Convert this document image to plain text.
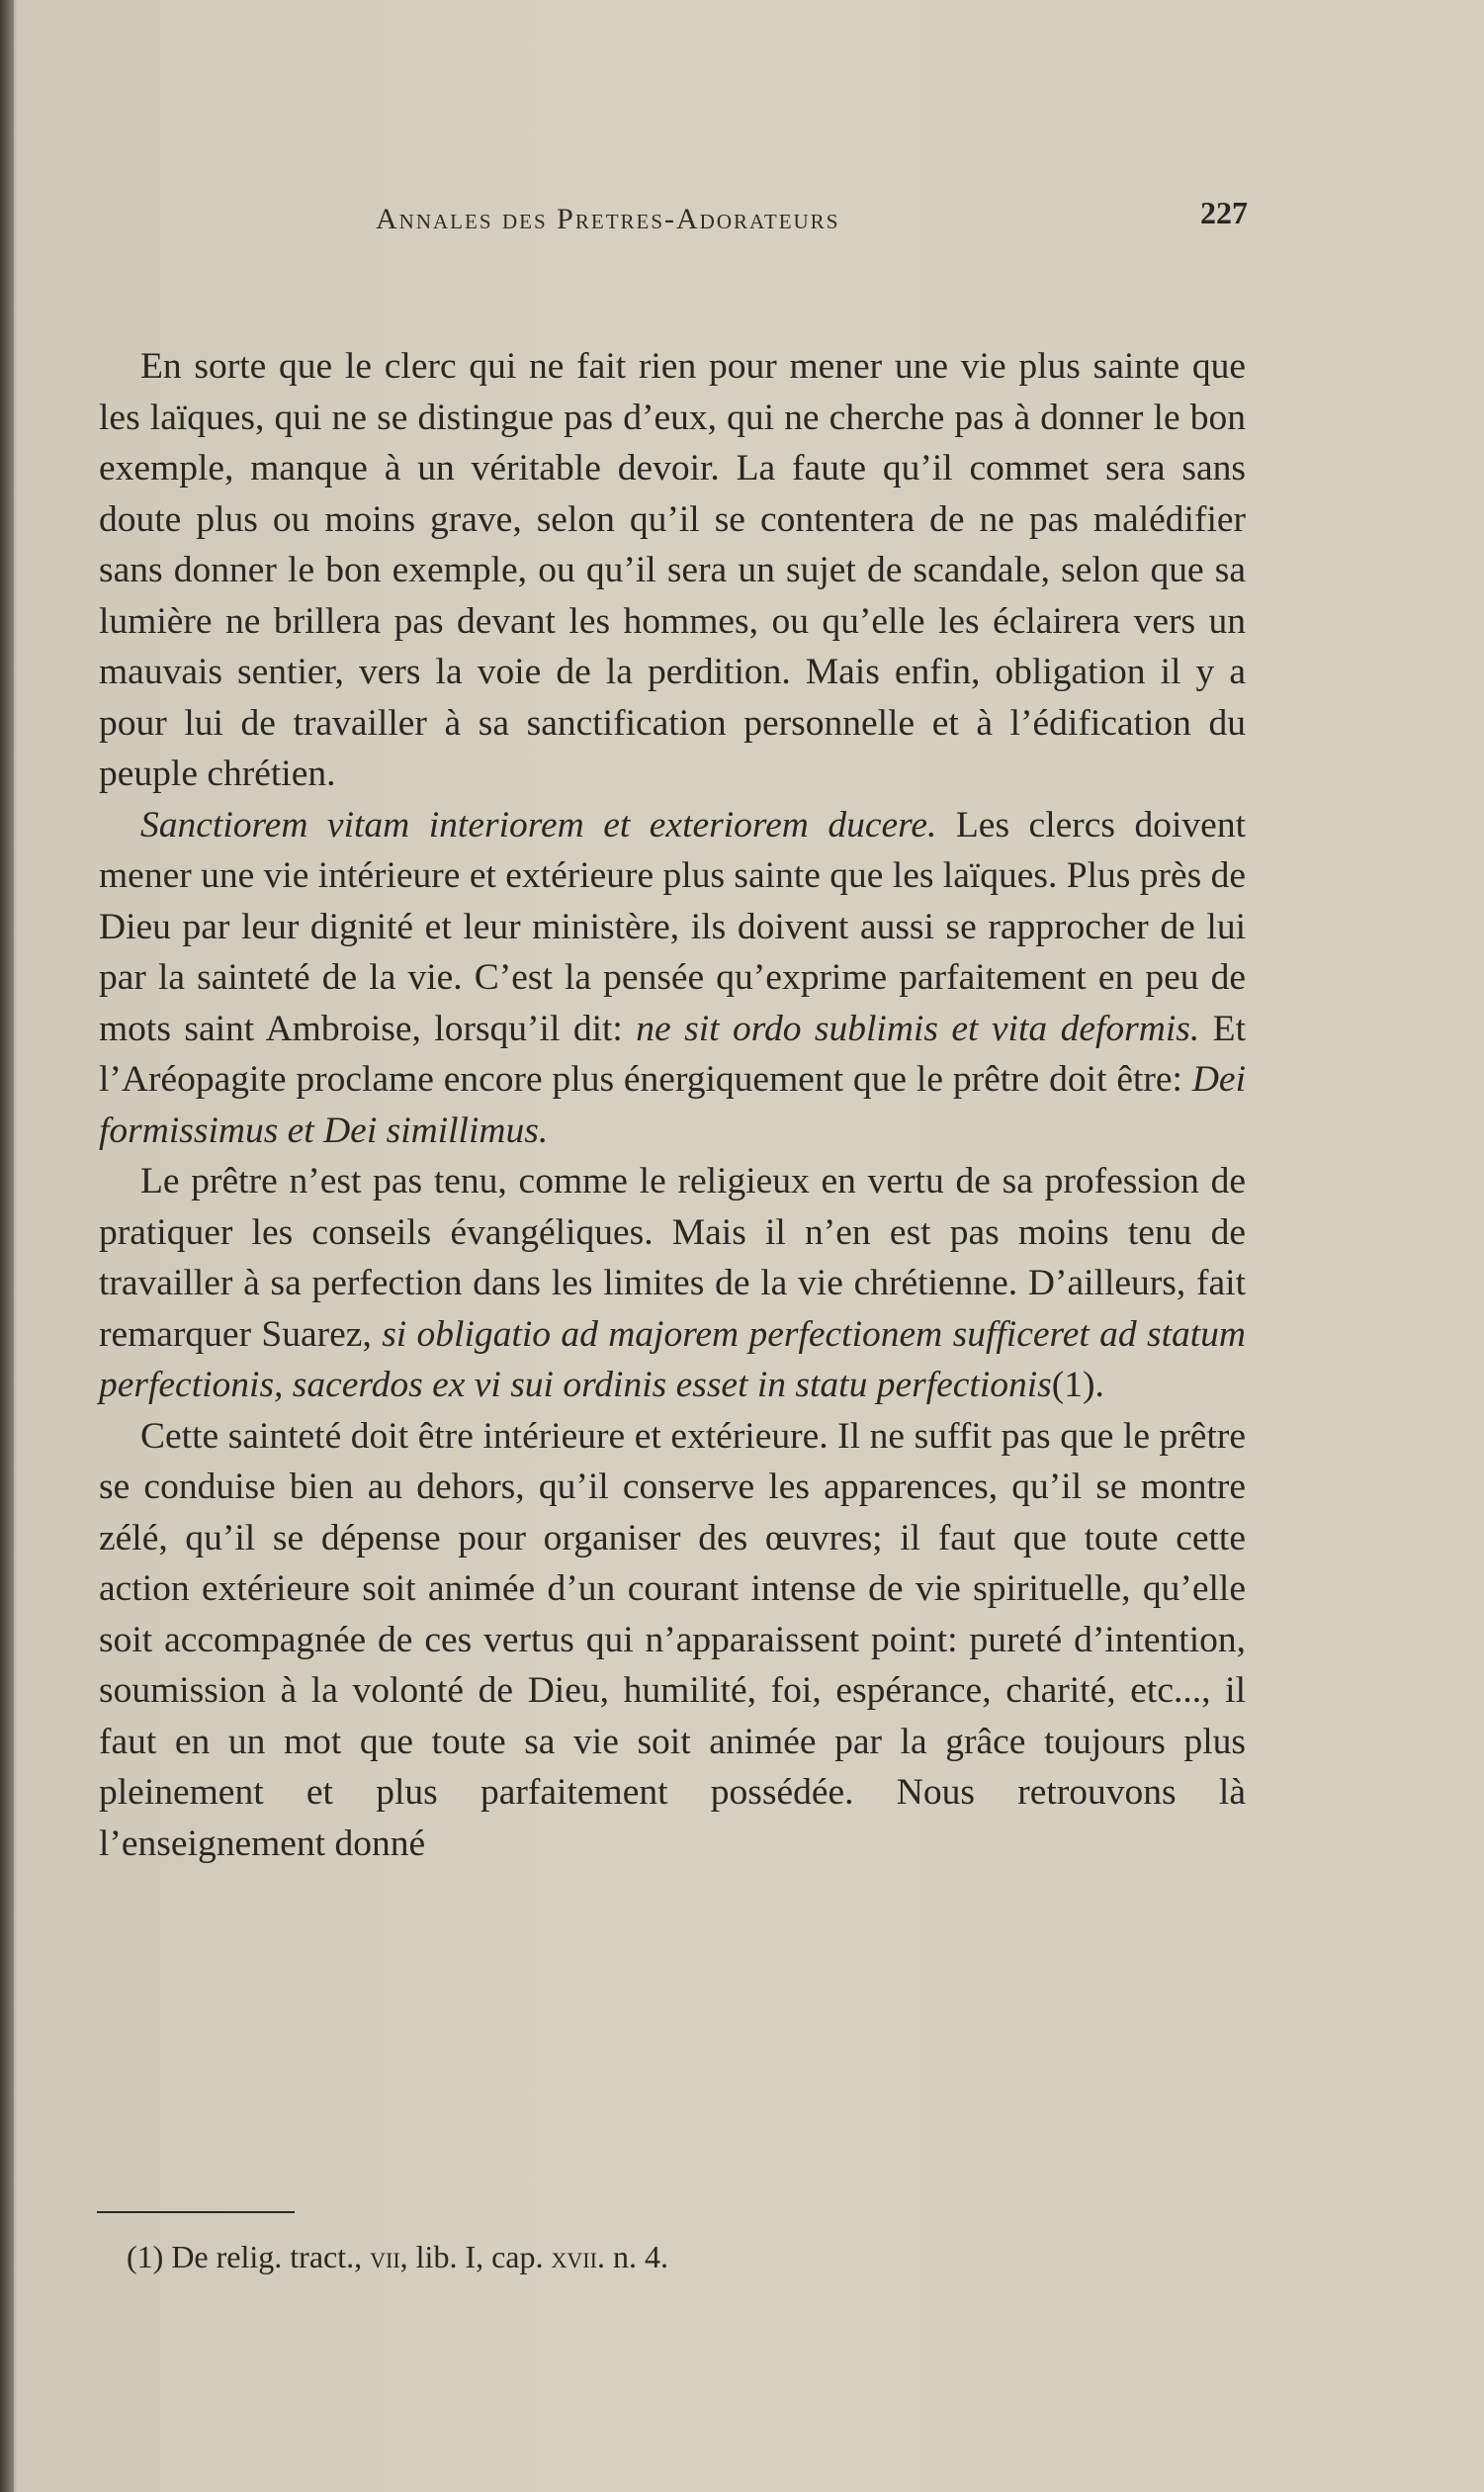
Annales des Pretres-Adorateurs	227

En sorte que le clerc qui ne fait rien pour mener une vie plus sainte que les laïques, qui ne se distingue pas d’eux, qui ne cherche pas à donner le bon exemple, manque à un véritable devoir. La faute qu’il commet sera sans doute plus ou moins grave, selon qu’il se contentera de ne pas malédifier sans donner le bon exemple, ou qu’il sera un sujet de scandale, selon que sa lumière ne brillera pas devant les hommes, ou qu’elle les éclairera vers un mauvais sentier, vers la voie de la perdition. Mais enfin, obligation il y a pour lui de travailler à sa sanctification personnelle et à l’édification du peuple chrétien.

Sanctiorem vitam interiorem et exteriorem ducere. Les clercs doivent mener une vie intérieure et extérieure plus sainte que les laïques. Plus près de Dieu par leur dignité et leur ministère, ils doivent aussi se rapprocher de lui par la sainteté de la vie. C’est la pensée qu’exprime parfaitement en peu de mots saint Ambroise, lorsqu’il dit: ne sit ordo sublimis et vita deformis. Et l’Aréopagite proclame encore plus énergiquement que le prêtre doit être: Dei formissimus et Dei simillimus.

Le prêtre n’est pas tenu, comme le religieux en vertu de sa profession de pratiquer les conseils évangéliques. Mais il n’en est pas moins tenu de travailler à sa perfection dans les limites de la vie chrétienne. D’ailleurs, fait remarquer Suarez, si obligatio ad majorem perfectionem sufficeret ad statum perfectionis, sacerdos ex vi sui ordinis esset in statu perfectionis(1).

Cette sainteté doit être intérieure et extérieure. Il ne suffit pas que le prêtre se conduise bien au dehors, qu’il conserve les apparences, qu’il se montre zélé, qu’il se dépense pour organiser des œuvres; il faut que toute cette action extérieure soit animée d’un courant intense de vie spirituelle, qu’elle soit accompagnée de ces vertus qui n’apparaissent point: pureté d’intention, soumission à la volonté de Dieu, humilité, foi, espérance, charité, etc..., il faut en un mot que toute sa vie soit animée par la grâce toujours plus pleinement et plus parfaitement possédée. Nous retrouvons là l’enseignement donné

(1) De relig. tract., vii, lib. I, cap. xvii. n. 4.
